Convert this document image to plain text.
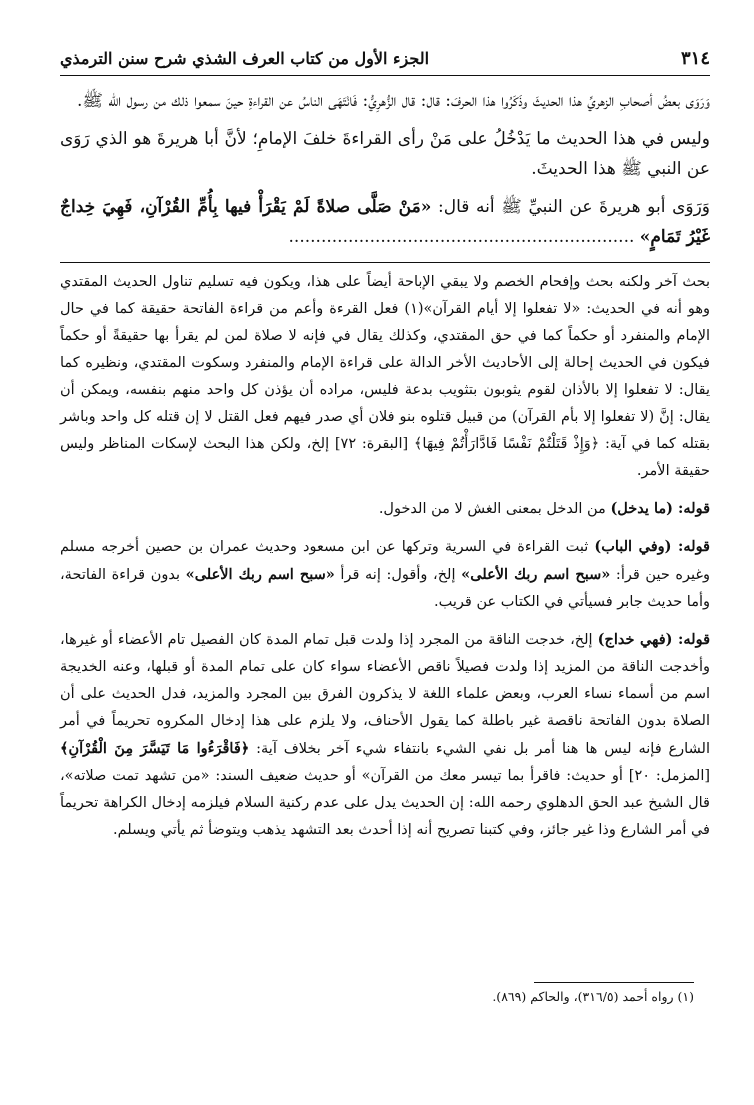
٣١٤
الجزء الأول من كتاب العرف الشذي شرح سنن الترمذي

وَرَوَى بعضُ أصحابِ الزهريِّ هذا الحديثَ وذَكَرُوا هذا الحرفَ: قال: قال الزُّهرِيُّ: فَانْتَهَى الناسُ عن القراءةِ حينَ سمعوا ذلك من رسول الله ﷺ.

وليس في هذا الحديث ما يَدْخُلُ على مَنْ رأى القراءةَ خلفَ الإمامِ؛ لأنَّ أبا هريرةَ هو الذي رَوَى عن النبي ﷺ هذا الحديثَ.

وَرَوَى أبو هريرةَ عن النبيِّ ﷺ أنه قال: «مَنْ صَلَّى صلاةً لَمْ يَقْرَأْ فيها بِأُمِّ القُرْآنِ، فَهِيَ خِداجٌ غَيْرُ تَمَامٍ» ................................................................

بحث آخر ولكنه بحث وإفحام الخصم ولا يبقي الإباحة أيضاً على هذا، ويكون فيه تسليم تناول الحديث المقتدي وهو أنه في الحديث: «لا تفعلوا إلا أيام القرآن»(١) فعل القرءة وأعم من قراءة الفاتحة حقيقة كما في حال الإمام والمنفرد أو حكماً كما في حق المقتدي، وكذلك يقال في فإنه لا صلاة لمن لم يقرأ بها حقيقةً أو حكماً فيكون في الحديث إحالة إلى الأحاديث الأخر الدالة على قراءة الإمام والمنفرد وسكوت المقتدي، ونظيره كما يقال: لا تفعلوا إلا بالأذان لقوم يثوبون بتثويب بدعة فليس، مراده أن يؤذن كل واحد منهم بنفسه، ويمكن أن يقال: إنَّ (لا تفعلوا إلا بأم القرآن) من قبيل قتلوه بنو فلان أي صدر فيهم فعل القتل لا إن قتله كل واحد وباشر بقتله كما في آية: ﴿وَإِذْ قَتَلْتُمْ نَفْسًا فَادَّارَأْتُمْ فِيهَا﴾ [البقرة: ٧٢] إلخ، ولكن هذا البحث لإسكات المناظر وليس حقيقة الأمر.

قوله: (ما يدخل) من الدخل بمعنى الغش لا من الدخول.

قوله: (وفي الباب) ثبت القراءة في السرية وتركها عن ابن مسعود وحديث عمران بن حصين أخرجه مسلم وغيره حين قرأ: «سبح اسم ربك الأعلى» إلخ، وأقول: إنه قرأ «سبح اسم ربك الأعلى» بدون قراءة الفاتحة، وأما حديث جابر فسيأتي في الكتاب عن قريب.

قوله: (فهي خداج) إلخ، خدجت الناقة من المجرد إذا ولدت قبل تمام المدة كان الفصيل تام الأعضاء أو غيرها، وأخدجت الناقة من المزيد إذا ولدت فصيلاً ناقص الأعضاء سواء كان على تمام المدة أو قبلها، وعنه الخديجة اسم من أسماء نساء العرب، وبعض علماء اللغة لا يذكرون الفرق بين المجرد والمزيد، فدل الحديث على أن الصلاة بدون الفاتحة ناقصة غير باطلة كما يقول الأحناف، ولا يلزم على هذا إدخال المكروه تحريماً في أمر الشارع فإنه ليس ها هنا أمر بل نفي الشيء بانتفاء شيء آخر بخلاف آية: ﴿فَاقْرَءُوا مَا تَيَسَّرَ مِنَ الْقُرْآنِ﴾ [المزمل: ٢٠] أو حديث: فاقرأ بما تيسر معك من القرآن» أو حديث ضعيف السند: «من تشهد تمت صلاته»، قال الشيخ عبد الحق الدهلوي رحمه الله: إن الحديث يدل على عدم ركنية السلام فيلزمه إدخال الكراهة تحريماً في أمر الشارع وذا غير جائز، وفي كتبنا تصريح أنه إذا أحدث بعد التشهد يذهب ويتوضأ ثم يأتي ويسلم.

(١) رواه أحمد (٣١٦/٥)، والحاكم (٨٦٩).
